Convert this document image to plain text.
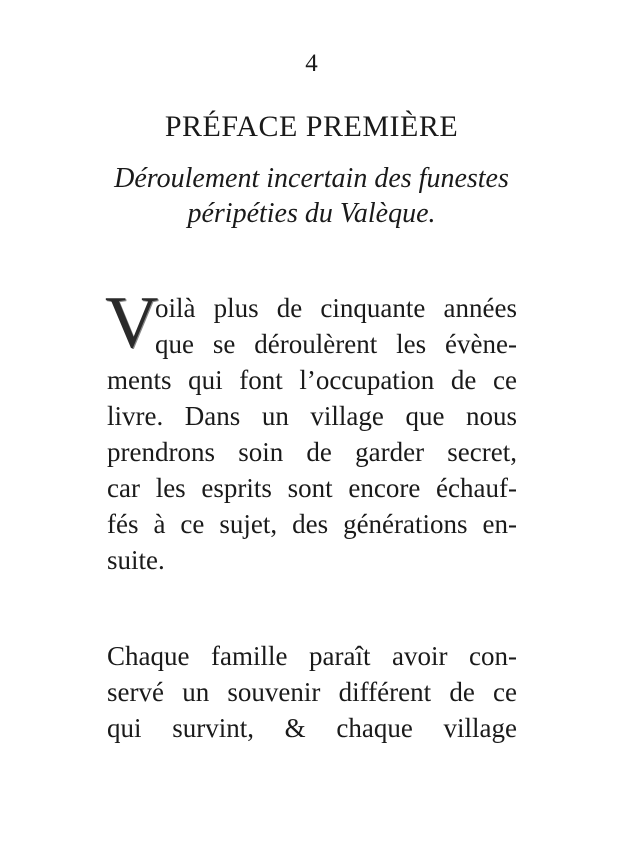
4
PRÉFACE PREMIÈRE
Déroulement incertain des funestes
péripéties du Valèque.
V
oilà plus de cinquante années
que se déroulèrent les évène-
ments qui font l’occupation de ce
livre. Dans un village que nous
prendrons soin de garder secret,
car les esprits sont encore échauf-
fés à ce sujet, des générations en-
suite.
Chaque famille paraît avoir con-
servé un souvenir différent de ce
qui survint, & chaque village
